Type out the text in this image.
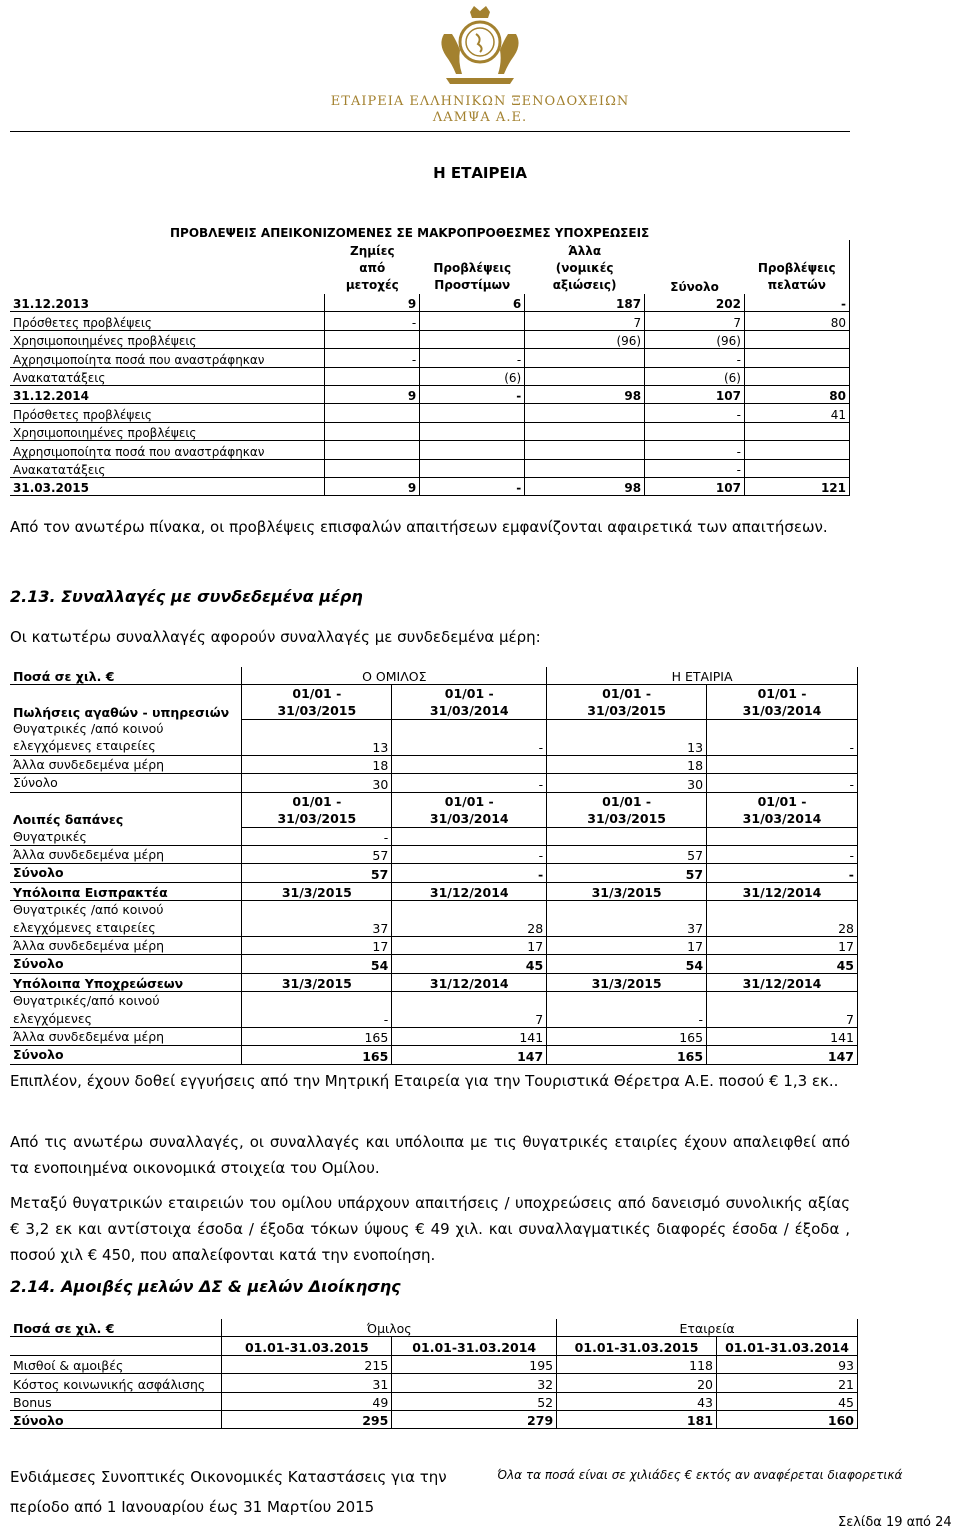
ΕΤΑΙΡΕΙΑ ΕΛΛΗΝΙΚΩΝ ΞΕΝΟΔΟΧΕΙΩΝ
ΛΑΜΨΑ Α.Ε.
Η ΕΤΑΙΡΕΙΑ
ΠΡΟΒΛΕΨΕΙΣ ΑΠΕΙΚΟΝΙΖΟΜΕΝΕΣ ΣΕ ΜΑΚΡΟΠΡΟΘΕΣΜΕΣ ΥΠΟΧΡΕΩΣΕΙΣ					

	Ζημίες από μετοχές	Προβλέψεις Προστίμων	Άλλα (νομικές αξιώσεις)	Σύνολο	Προβλέψεις πελατών

31.12.2013	9	6	187	202	-
Πρόσθετες προβλέψεις	-		7	7	80
Χρησιμοποιημένες προβλέψεις			(96)	(96)	
Αχρησιμοποίητα ποσά που αναστράφηκαν	-	-		-	
Ανακατατάξεις		(6)		(6)	
31.12.2014	9	-	98	107	80
Πρόσθετες προβλέψεις				-	41
Χρησιμοποιημένες προβλέψεις					
Αχρησιμοποίητα ποσά που αναστράφηκαν				-	
Ανακατατάξεις				-	
31.03.2015	9	-	98	107	121
Από τον ανωτέρω πίνακα, οι προβλέψεις επισφαλών απαιτήσεων εμφανίζονται αφαιρετικά των απαιτήσεων.
2.13. Συναλλαγές με συνδεδεμένα μέρη
Οι κατωτέρω συναλλαγές αφορούν συναλλαγές με συνδεδεμένα μέρη:
Ποσά σε χιλ. €	Ο ΟΜΙΛΟΣ		Η ΕΤΑΙΡΙΑ	
Πωλήσεις αγαθών - υπηρεσιών	01/01 - 31/03/2015	01/01 - 31/03/2014	01/01 - 31/03/2015	01/01 - 31/03/2014

Θυγατρικές /από κοινού ελεγχόμενες εταιρείες	13	-	13	-
Άλλα συνδεδεμένα μέρη	18		18	
Σύνολο	30	-	30	-
Λοιπές δαπάνες	01/01 - 31/03/2015	01/01 - 31/03/2014	01/01 - 31/03/2015	01/01 - 31/03/2014

Θυγατρικές	-			
Άλλα συνδεδεμένα μέρη	57	-	57	-
Σύνολο	57	-	57	-
Υπόλοιπα Εισπρακτέα	31/3/2015	31/12/2014	31/3/2015	31/12/2014
Θυγατρικές /από κοινού ελεγχόμενες εταιρείες	37	28	37	28
Άλλα συνδεδεμένα μέρη	17	17	17	17
Σύνολο	54	45	54	45
Υπόλοιπα Υποχρεώσεων	31/3/2015	31/12/2014	31/3/2015	31/12/2014
Θυγατρικές/από κοινού ελεγχόμενες	-	7	-	7
Άλλα συνδεδεμένα μέρη	165	141	165	141
Σύνολο	165	147	165	147
Επιπλέον, έχουν δοθεί εγγυήσεις από την Μητρική Εταιρεία για την Τουριστικά Θέρετρα Α.Ε. ποσού € 1,3 εκ..
Από τις ανωτέρω συναλλαγές, οι συναλλαγές και υπόλοιπα με τις θυγατρικές εταιρίες έχουν απαλειφθεί από τα ενοποιημένα οικονομικά στοιχεία του Ομίλου.
Μεταξύ θυγατρικών εταιρειών του ομίλου υπάρχουν απαιτήσεις / υποχρεώσεις από δανεισμό συνολικής αξίας € 3,2 εκ και αντίστοιχα έσοδα / έξοδα τόκων ύψους € 49 χιλ. και συναλλαγματικές διαφορές έσοδα / έξοδα , ποσού χιλ € 450, που απαλείφονται κατά την ενοποίηση.
2.14. Αμοιβές μελών ΔΣ & μελών Διοίκησης
Ποσά σε χιλ. €	Όμιλος		Εταιρεία	
	01.01-31.03.2015	01.01-31.03.2014	01.01-31.03.2015	01.01-31.03.2014
Μισθοί & αμοιβές	215	195	118	93
Κόστος κοινωνικής ασφάλισης	31	32	20	21
Bonus	49	52	43	45
Σύνολο	295	279	181	160
Ενδιάμεσες Συνοπτικές Οικονομικές Καταστάσεις για την περίοδο από 1 Ιανουαρίου έως 31 Μαρτίου 2015
Όλα τα ποσά είναι σε χιλιάδες € εκτός αν αναφέρεται διαφορετικά
Σελίδα 19 από 24
